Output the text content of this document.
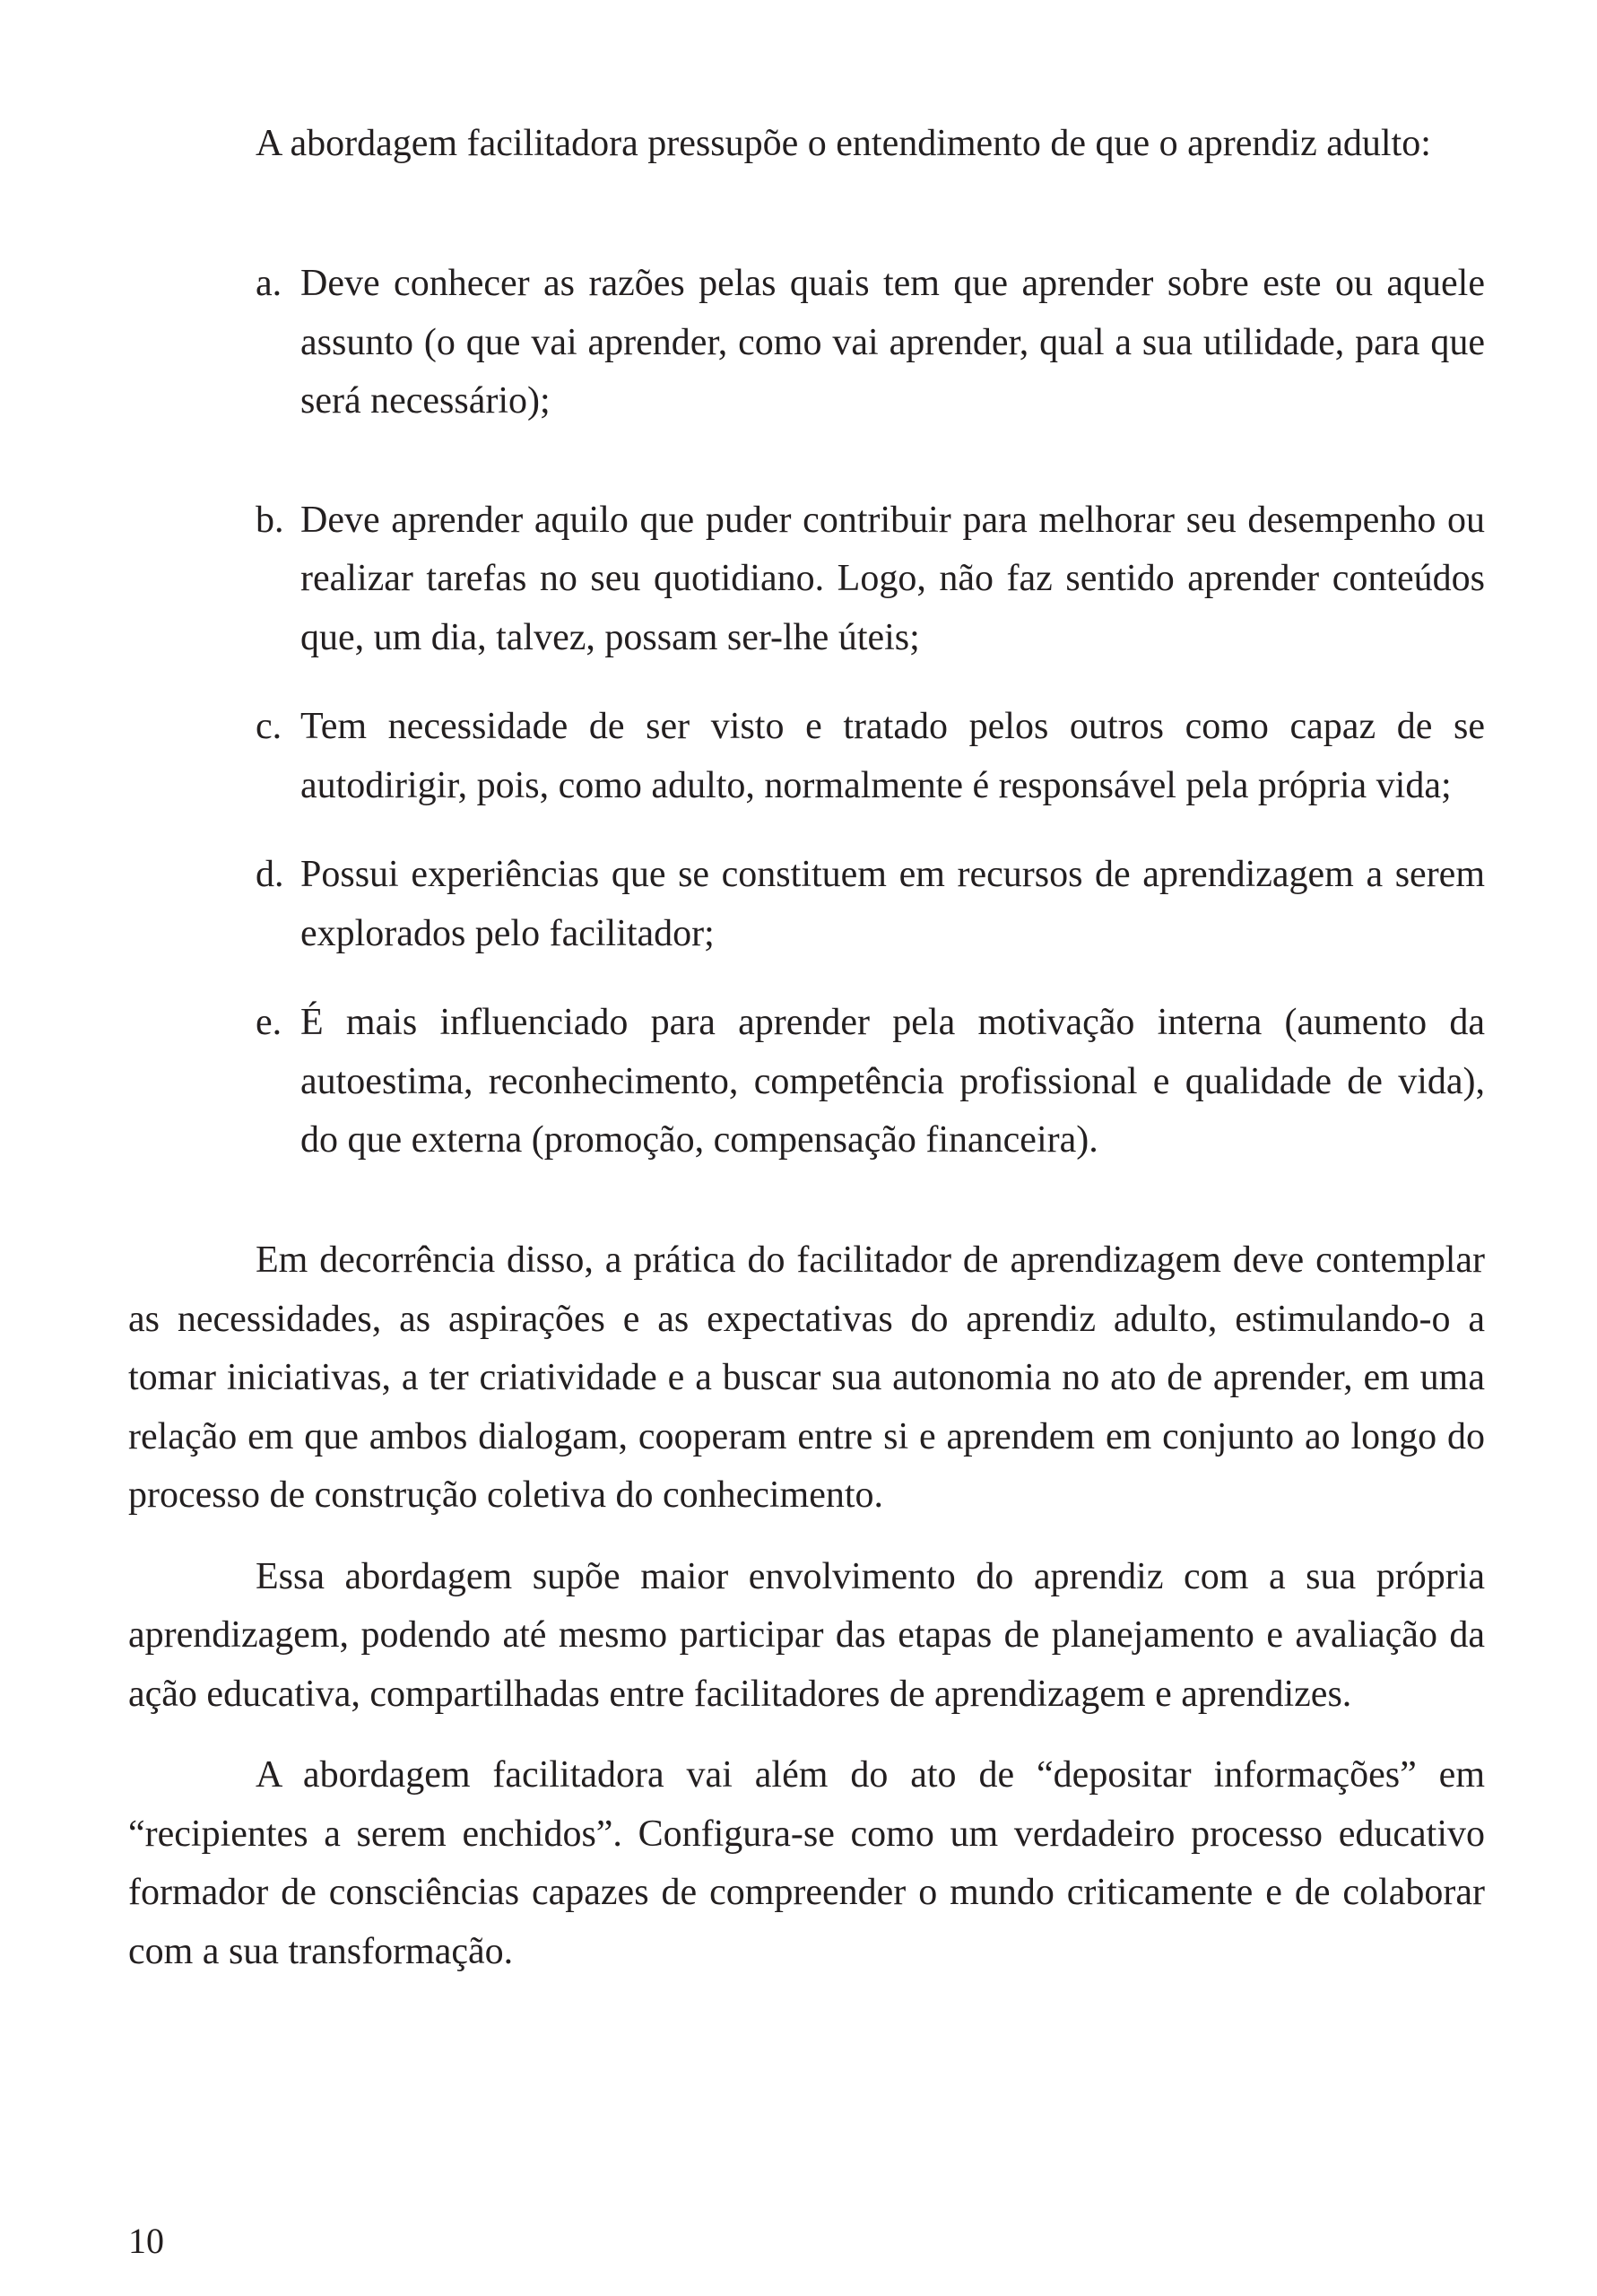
A abordagem facilitadora pressupõe o entendimento de que o aprendiz adulto:

a. Deve conhecer as razões pelas quais tem que aprender sobre este ou aquele assunto (o que vai aprender, como vai aprender, qual a sua utilidade, para que será necessário);
b. Deve aprender aquilo que puder contribuir para melhorar seu desempenho ou realizar tarefas no seu quotidiano. Logo, não faz sentido aprender conteúdos que, um dia, talvez, possam ser-lhe úteis;
c. Tem necessidade de ser visto e tratado pelos outros como capaz de se autodirigir, pois, como adulto, normalmente é responsável pela própria vida;
d. Possui experiências que se constituem em recursos de aprendizagem a serem explorados pelo facilitador;
e. É mais influenciado para aprender pela motivação interna (aumento da autoestima, reconhecimento, competência profissional e qualidade de vida), do que externa (promoção, compensação financeira).

Em decorrência disso, a prática do facilitador de aprendizagem deve contemplar as necessidades, as aspirações e as expectativas do aprendiz adulto, estimulando-o a tomar iniciativas, a ter criatividade e a buscar sua autonomia no ato de aprender, em uma relação em que ambos dialogam, cooperam entre si e aprendem em conjunto ao longo do processo de construção coletiva do conhecimento.

Essa abordagem supõe maior envolvimento do aprendiz com a sua própria aprendizagem, podendo até mesmo participar das etapas de planejamento e avaliação da ação educativa, compartilhadas entre facilitadores de aprendizagem e aprendizes.

A abordagem facilitadora vai além do ato de “depositar informações” em “recipientes a serem enchidos”. Configura-se como um verdadeiro processo educativo formador de consciências capazes de compreender o mundo criticamente e de colaborar com a sua transformação.

10
